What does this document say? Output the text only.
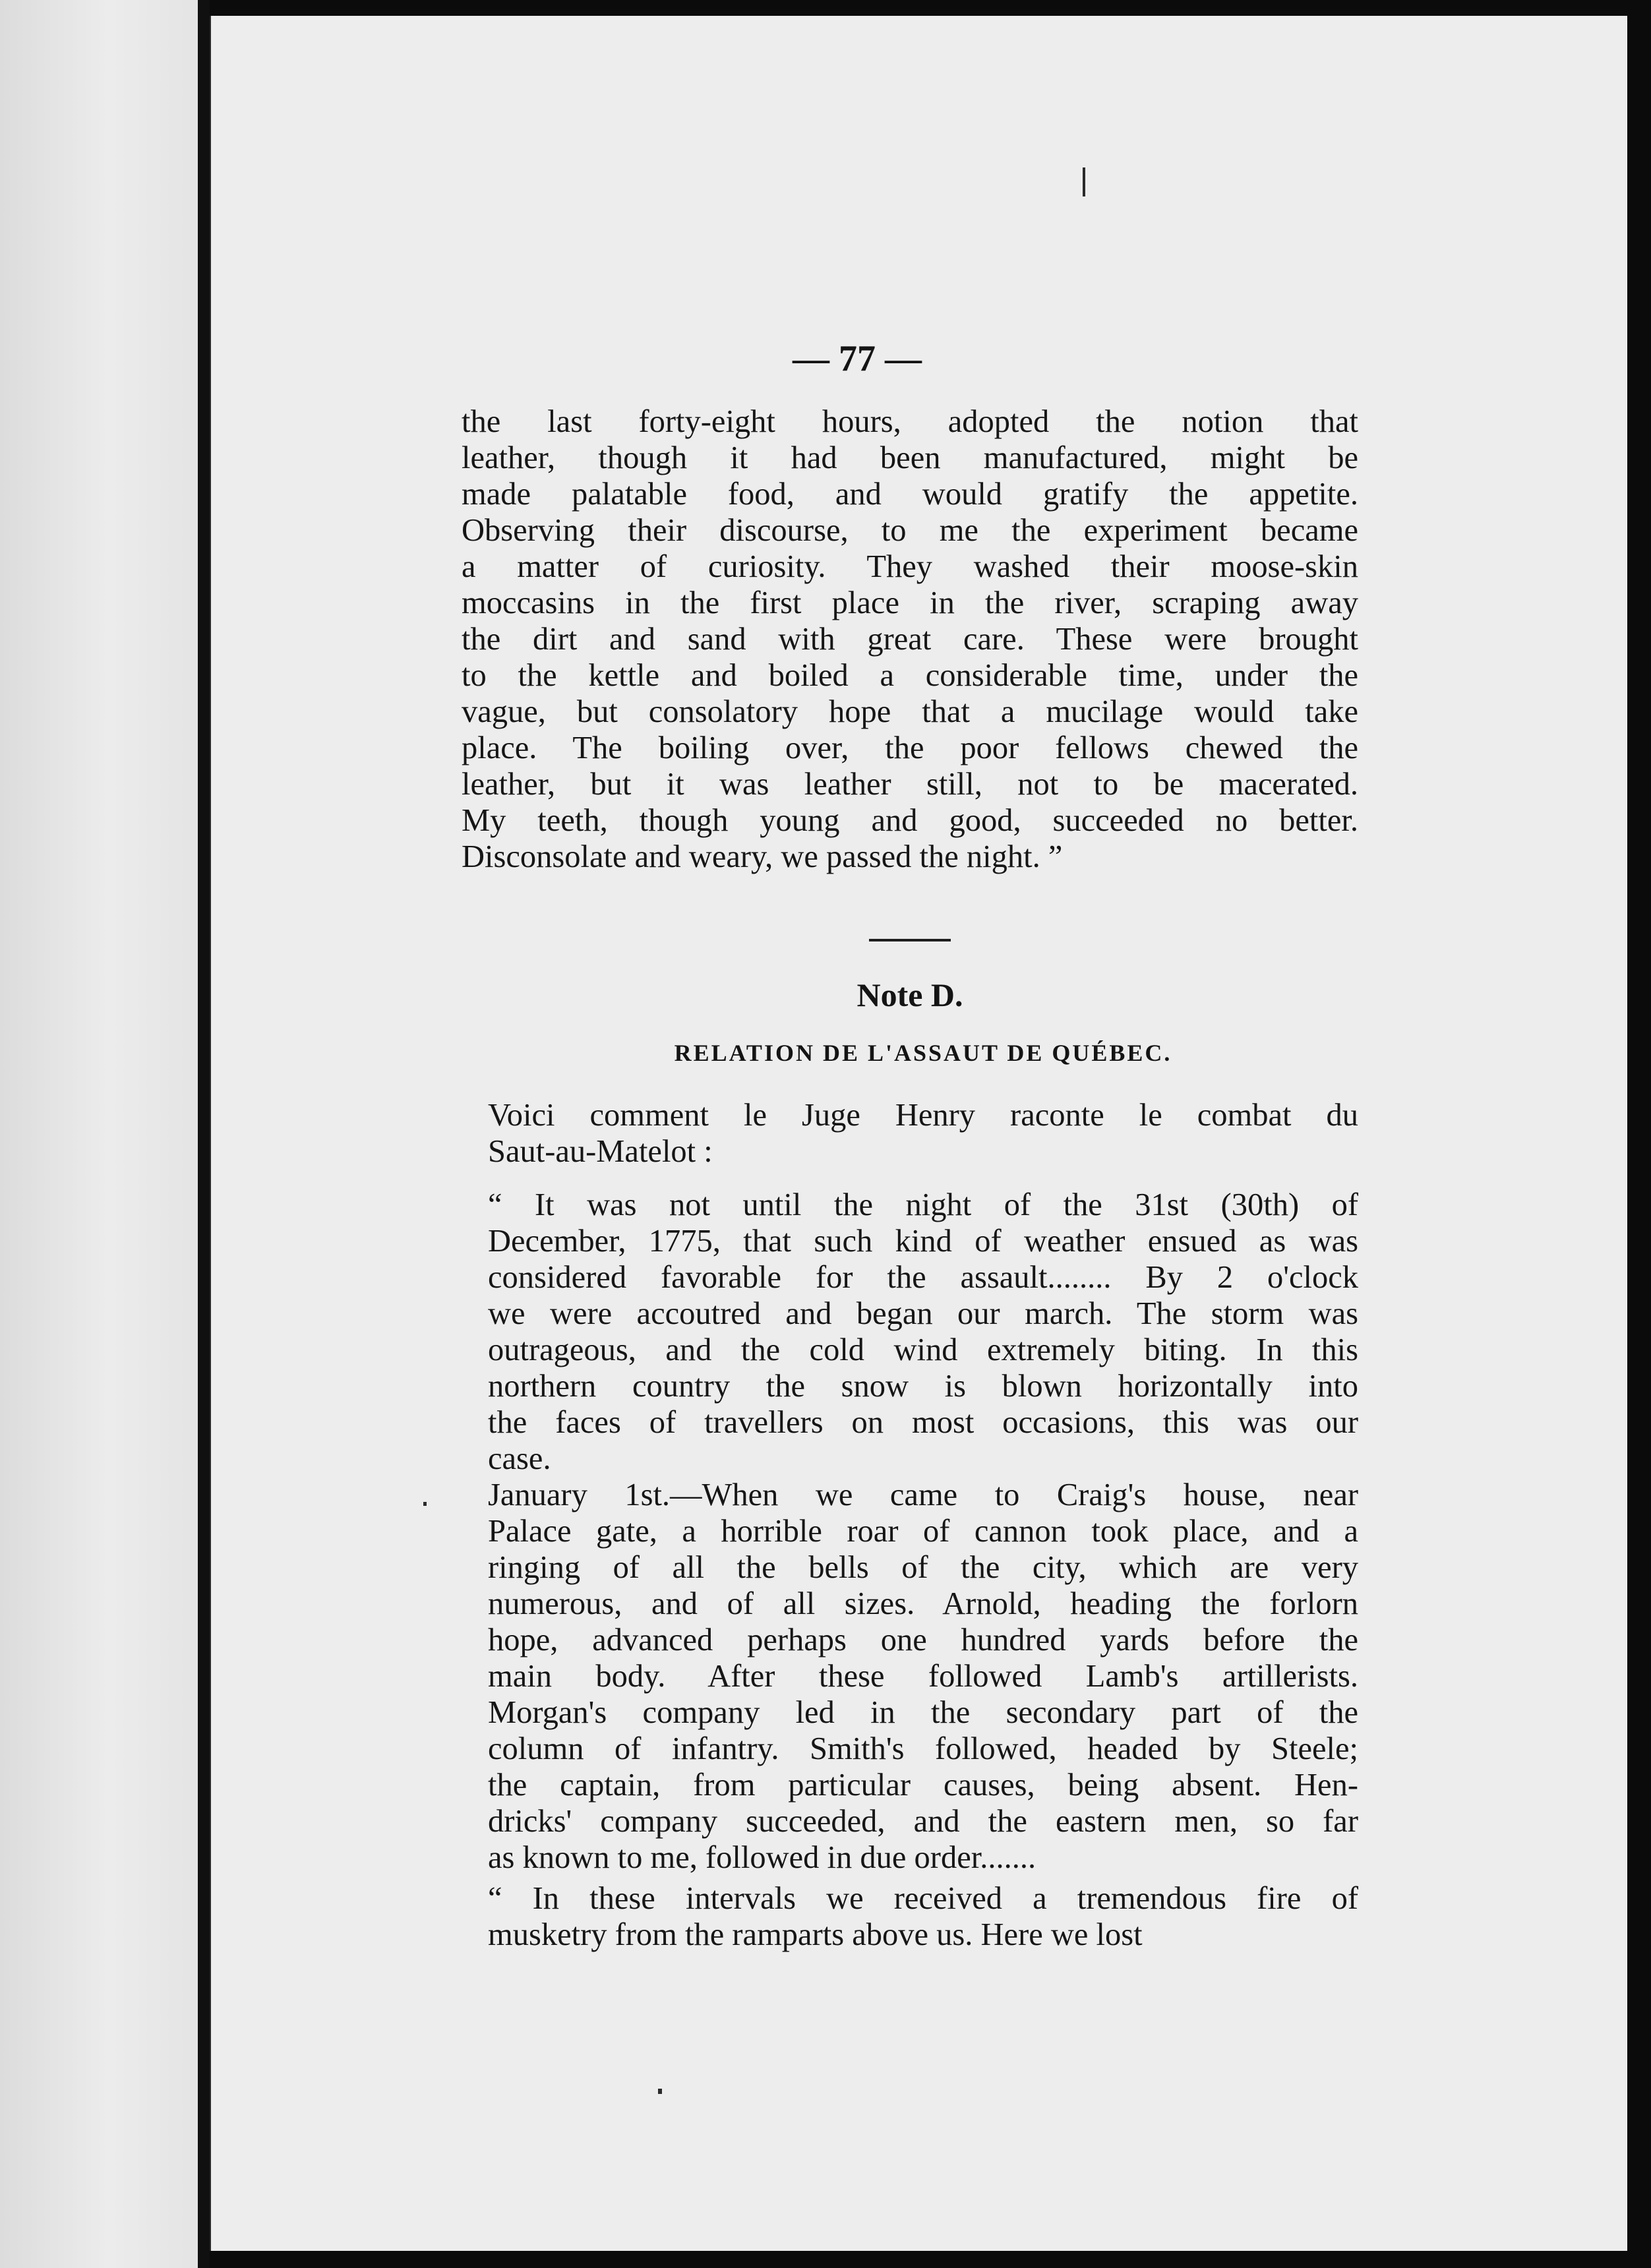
— 77 —

the last forty-eight hours, adopted the notion that
leather, though it had been manufactured, might be
made palatable food, and would gratify the appetite.
Observing their discourse, to me the experiment became
a matter of curiosity. They washed their moose-skin
moccasins in the first place in the river, scraping away
the dirt and sand with great care. These were brought
to the kettle and boiled a considerable time, under the
vague, but consolatory hope that a mucilage would take
place. The boiling over, the poor fellows chewed the
leather, but it was leather still, not to be macerated.
My teeth, though young and good, succeeded no better.
Disconsolate and weary, we passed the night. ”

Note D.
RELATION DE L'ASSAUT DE QUÉBEC.

Voici comment le Juge Henry raconte le combat du
Saut-au-Matelot :

“ It was not until the night of the 31st (30th) of
December, 1775, that such kind of weather ensued as was
considered favorable for the assault........ By 2 o'clock
we were accoutred and began our march. The storm was
outrageous, and the cold wind extremely biting. In this
northern country the snow is blown horizontally into
the faces of travellers on most occasions, this was our
case.

January 1st.—When we came to Craig's house, near
Palace gate, a horrible roar of cannon took place, and a
ringing of all the bells of the city, which are very
numerous, and of all sizes. Arnold, heading the forlorn
hope, advanced perhaps one hundred yards before the
main body. After these followed Lamb's artillerists.
Morgan's company led in the secondary part of the
column of infantry. Smith's followed, headed by Steele;
the captain, from particular causes, being absent. Hen-
dricks' company succeeded, and the eastern men, so far
as known to me, followed in due order.......

“ In these intervals we received a tremendous fire of
musketry from the ramparts above us. Here we lost
